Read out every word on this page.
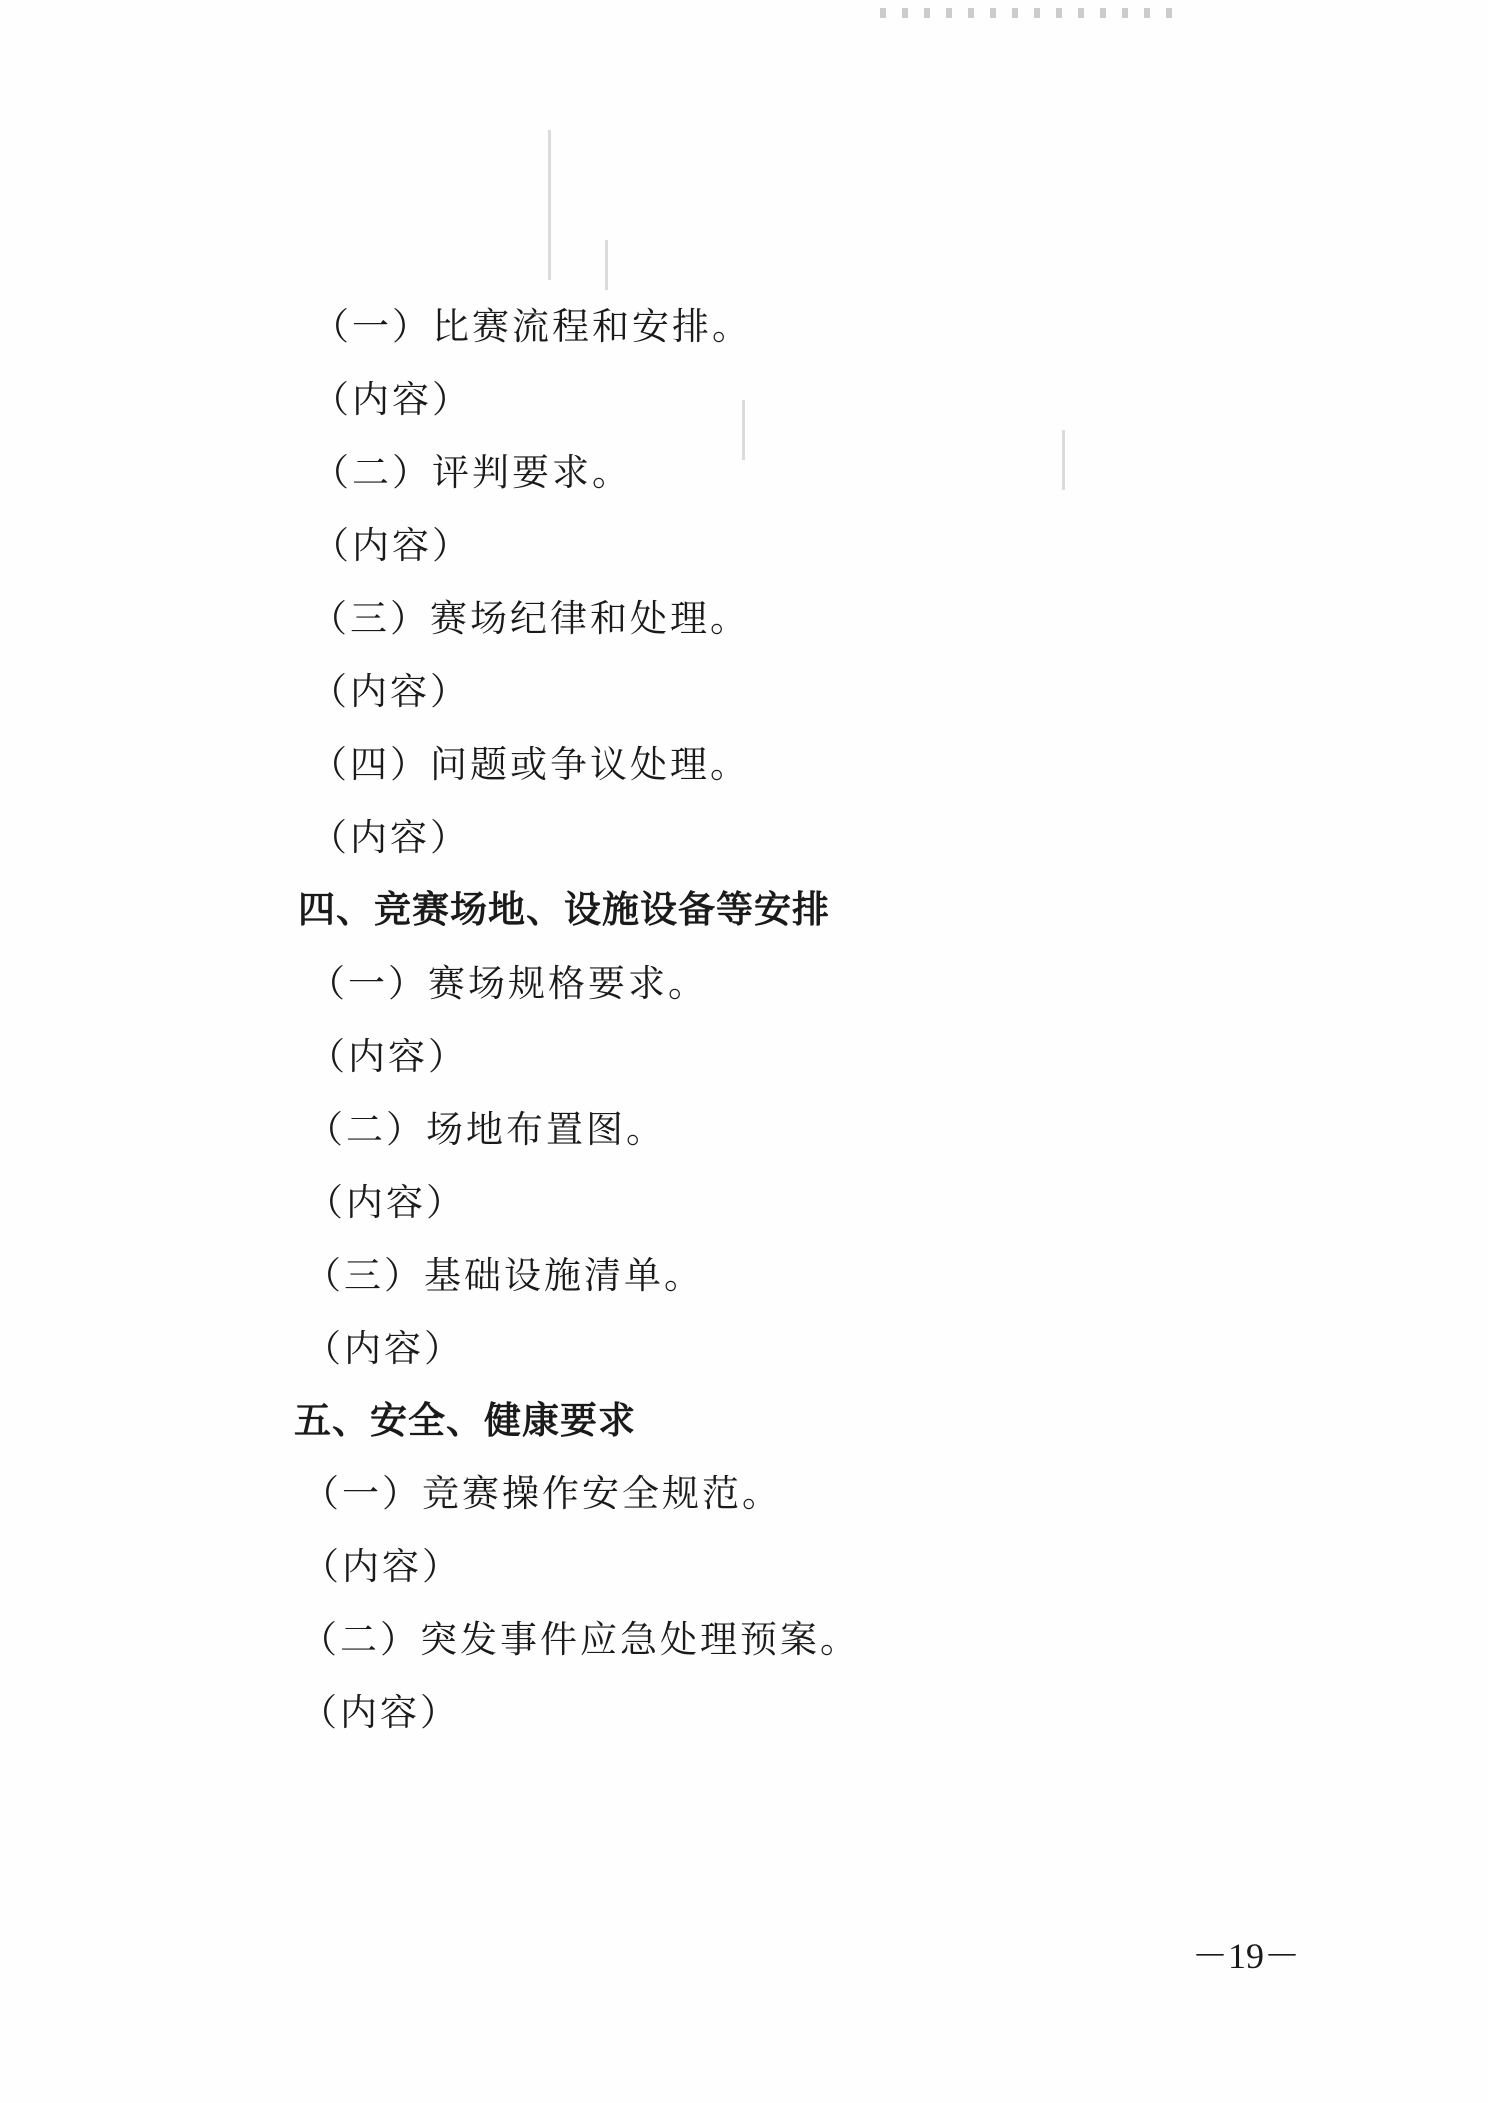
（一）比赛流程和安排。
（内容）
（二）评判要求。
（内容）
（三）赛场纪律和处理。
（内容）
（四）问题或争议处理。
（内容）
四、竞赛场地、设施设备等安排
（一）赛场规格要求。
（内容）
（二）场地布置图。
（内容）
（三）基础设施清单。
（内容）
五、安全、健康要求
（一）竞赛操作安全规范。
（内容）
（二）突发事件应急处理预案。
（内容）
－19－
